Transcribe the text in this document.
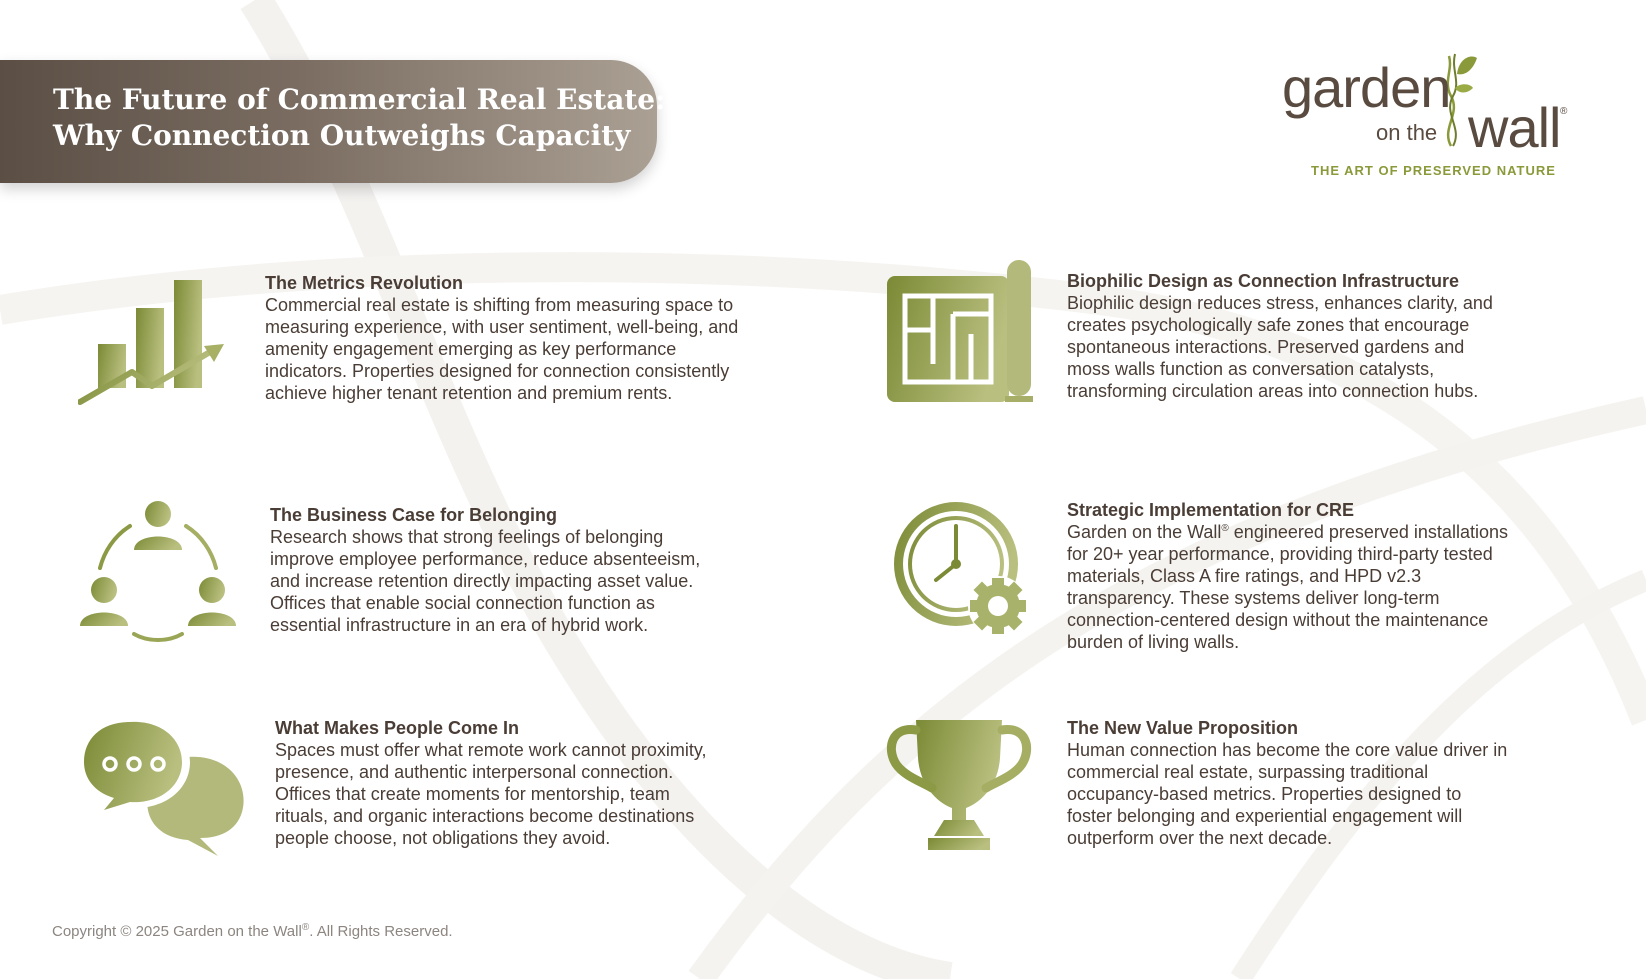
The Future of Commercial Real Estate:
Why Connection Outweighs Capacity
garden
on the wall ®
THE ART OF PRESERVED NATURE
The Metrics Revolution
Commercial real estate is shifting from measuring space to
measuring experience, with user sentiment, well-being, and
amenity engagement emerging as key performance
indicators. Properties designed for connection consistently
achieve higher tenant retention and premium rents.
Biophilic Design as Connection Infrastructure
Biophilic design reduces stress, enhances clarity, and
creates psychologically safe zones that encourage
spontaneous interactions. Preserved gardens and
moss walls function as conversation catalysts,
transforming circulation areas into connection hubs.
The Business Case for Belonging
Research shows that strong feelings of belonging
improve employee performance, reduce absenteeism,
and increase retention directly impacting asset value.
Offices that enable social connection function as
essential infrastructure in an era of hybrid work.
Strategic Implementation for CRE
Garden on the Wall® engineered preserved installations
for 20+ year performance, providing third-party tested
materials, Class A fire ratings, and HPD v2.3
transparency. These systems deliver long-term
connection-centered design without the maintenance
burden of living walls.
What Makes People Come In
Spaces must offer what remote work cannot proximity,
presence, and authentic interpersonal connection.
Offices that create moments for mentorship, team
rituals, and organic interactions become destinations
people choose, not obligations they avoid.
The New Value Proposition
Human connection has become the core value driver in
commercial real estate, surpassing traditional
occupancy-based metrics. Properties designed to
foster belonging and experiential engagement will
outperform over the next decade.
Copyright © 2025 Garden on the Wall®. All Rights Reserved.
